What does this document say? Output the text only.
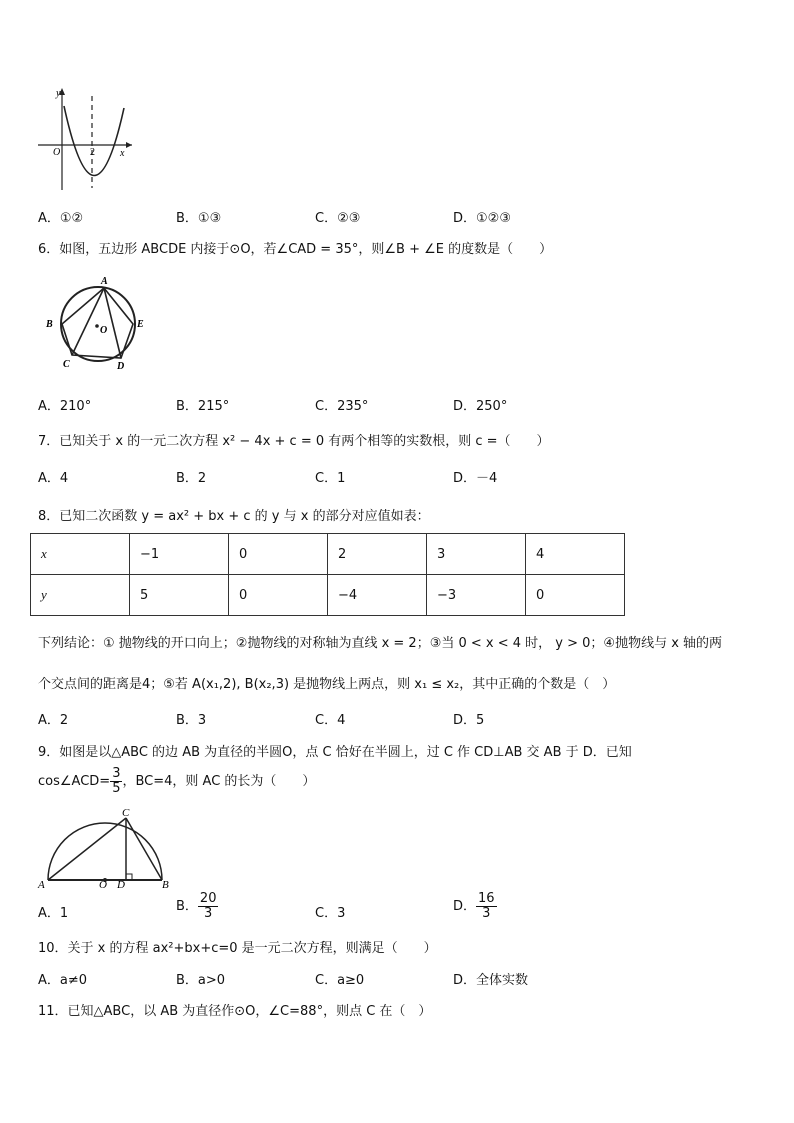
y
O	2	x
A．①②	B．①③	C．②③	D．①②③
6．如图，五边形 ABCDE 内接于⊙O，若∠CAD = 35°，则∠B + ∠E 的度数是（　　）
A
B
O
E
C	D
A．210°	B．215°	C．235°	D．250°
7．已知关于 x 的一元二次方程 x² − 4x + c = 0 有两个相等的实数根，则 c =（　　）
A．4	B．2	C．1	D．－4
8．已知二次函数 y = ax² + bx + c 的 y 与 x 的部分对应值如表：
x	−1	0	2	3	4
y	5	0	−4	−3	0
下列结论：① 抛物线的开口向上；②抛物线的对称轴为直线 x = 2；③当 0 < x < 4 时， y > 0；④抛物线与 x 轴的两
个交点间的距离是4；⑤若 A(x₁,2), B(x₂,3) 是抛物线上两点，则 x₁ ≤ x₂，其中正确的个数是（　）
A．2	B．3	C．4	D．5
9．如图是以△ABC 的边 AB 为直径的半圆O，点 C 恰好在半圆上，过 C 作 CD⊥AB 交 AB 于 D．已知
cos∠ACD= $\frac{3}{5}$ ，BC=4，则 AC 的长为（　　）
C
A	O D	B
A．1	B． $\frac{20}{3}$	C．3	D． $\frac{16}{3}$
10．关于 x 的方程 ax²+bx+c=0 是一元二次方程，则满足（　　）
A．a≠0	B．a>0	C．a≥0	D．全体实数
11．已知△ABC，以 AB 为直径作⊙O，∠C=88°，则点 C 在（　）
